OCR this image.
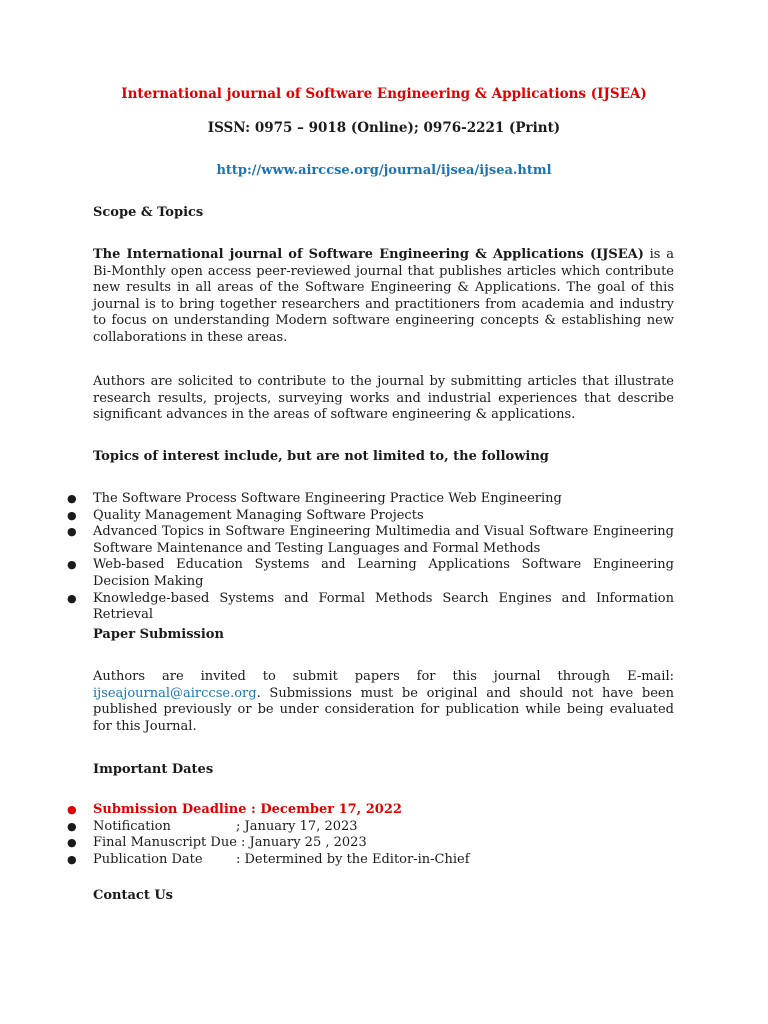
International journal of Software Engineering & Applications (IJSEA)

ISSN: 0975 – 9018 (Online); 0976-2221 (Print)

http://www.airccse.org/journal/ijsea/ijsea.html

Scope & Topics

The International journal of Software Engineering & Applications (IJSEA) is a Bi-Monthly open access peer-reviewed journal that publishes articles which contribute new results in all areas of the Software Engineering & Applications. The goal of this journal is to bring together researchers and practitioners from academia and industry to focus on understanding Modern software engineering concepts & establishing new collaborations in these areas.

Authors are solicited to contribute to the journal by submitting articles that illustrate research results, projects, surveying works and industrial experiences that describe significant advances in the areas of software engineering & applications.

Topics of interest include, but are not limited to, the following

● The Software Process Software Engineering Practice Web Engineering
● Quality Management Managing Software Projects
● Advanced Topics in Software Engineering Multimedia and Visual Software Engineering Software Maintenance and Testing Languages and Formal Methods
● Web-based Education Systems and Learning Applications Software Engineering Decision Making
● Knowledge-based Systems and Formal Methods Search Engines and Information Retrieval

Paper Submission

Authors are invited to submit papers for this journal through E-mail: ijseajournal@airccse.org. Submissions must be original and should not have been published previously or be under consideration for publication while being evaluated for this Journal.

Important Dates

● Submission Deadline : December 17, 2022
● Notification	; January 17, 2023
● Final Manuscript Due : January 25 , 2023
● Publication Date	: Determined by the Editor-in-Chief

Contact Us
